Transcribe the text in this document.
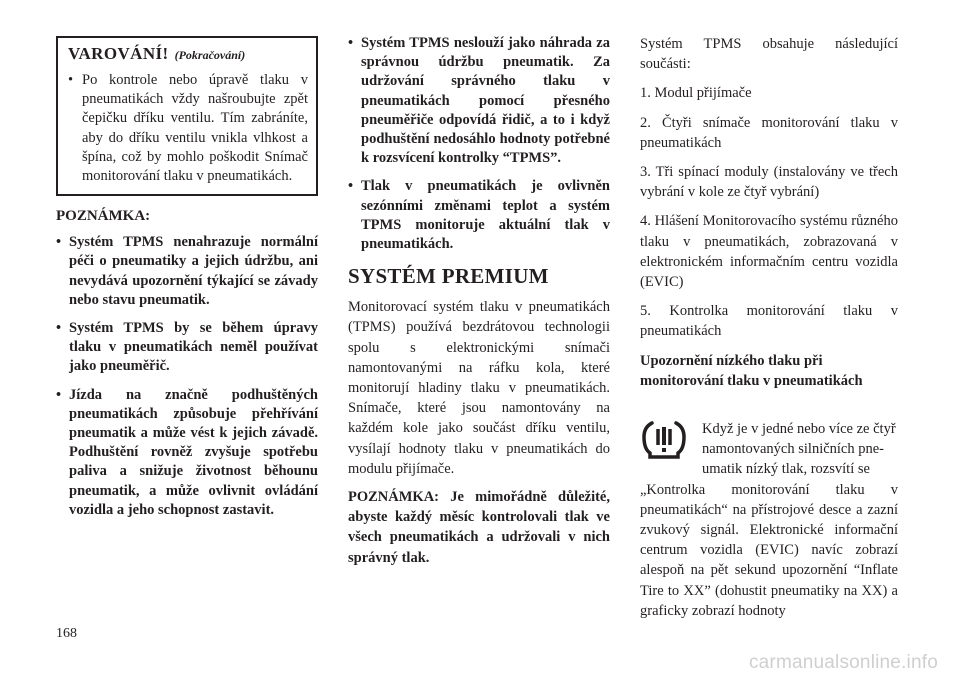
VAROVÁNÍ! (Pokračování)
• Po kontrole nebo úpravě tlaku v pneumatikách vždy našroubujte zpět čepičku dříku ventilu. Tím zabráníte, aby do dříku ventilu vnikla vlhkost a špína, což by mohlo poškodit Snímač monitorování tlaku v pneumatikách.
POZNÁMKA:
• Systém TPMS nenahrazuje normální péči o pneumatiky a jejich údržbu, ani nevydává upozornění týkající se závady nebo stavu pneumatik.
• Systém TPMS by se během úpravy tlaku v pneumatikách neměl používat jako pneuměřič.
• Jízda na značně podhuštěných pneumatikách způsobuje přehřívání pneumatik a může vést k jejich závadě. Podhuštění rovněž zvyšuje spotřebu paliva a snižuje životnost běhounu pneumatik, a může ovlivnit ovládání vozidla a jeho schopnost zastavit.
• Systém TPMS neslouží jako náhrada za správnou údržbu pneumatik. Za udržování správného tlaku v pneumatikách pomocí přesného pneuměřiče odpovídá řidič, a to i když podhuštění nedosáhlo hodnoty potřebné k rozsvícení kontrolky “TPMS”.
• Tlak v pneumatikách je ovlivněn sezónními změnami teplot a systém TPMS monitoruje aktuální tlak v pneumatikách.
SYSTÉM PREMIUM

Monitorovací systém tlaku v pneumatikách (TPMS) používá bezdrátovou technologii spolu s elektronickými snímači namontovanými na ráfku kola, které monitorují hladiny tlaku v pneumatikách. Snímače, které jsou namontovány na každém kole jako součást dříku ventilu, vysílají hodnoty tlaku v pneumatikách do modulu přijímače.

POZNÁMKA: Je mimořádně důležité, abyste každý měsíc kontrolovali tlak ve všech pneumatikách a udržovali v nich správný tlak.

Systém TPMS obsahuje následující součásti:

1. Modul přijímače

2. Čtyři snímače monitorování tlaku v pneumatikách

3. Tři spínací moduly (instalovány ve třech vybrání v kole ze čtyř vybrání)

4. Hlášení Monitorovacího systému různého tlaku v pneumatikách, zobrazovaná v elektronickém informačním centru vozidla (EVIC)

5. Kontrolka monitorování tlaku v pneumatikách

Upozornění nízkého tlaku při monitorování tlaku v pneumatikách
Když je v jedné nebo více ze čtyř
namontovaných silničních pne-
umatik nízký tlak, rozsvítí se

„Kontrolka monitorování tlaku v pneumatikách“ na přístrojové desce a zazní zvukový signál. Elektronické informační centrum vozidla (EVIC) navíc zobrazí alespoň na pět sekund upozornění “Inflate Tire to XX” (dohustit pneumatiky na XX) a graficky zobrazí hodnoty

168
carmanualsonline.info
